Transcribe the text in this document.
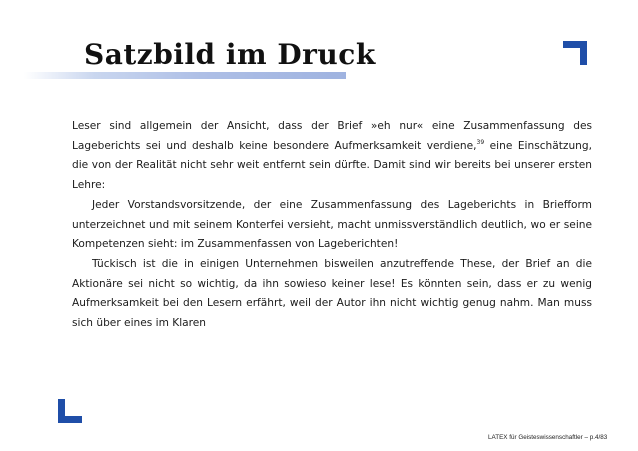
Satzbild im Druck

Leser sind allgemein der Ansicht, dass der Brief »eh nur« eine Zusammenfassung des Lageberichts sei und deshalb keine besondere Aufmerksamkeit verdiene,$^{39}$ eine Einschätzung, die von der Realität nicht sehr weit entfernt sein dürfte. Damit sind wir bereits bei unserer ersten Lehre:

Jeder Vorstandsvorsitzende, der eine Zusammenfassung des Lageberichts in Briefform unterzeichnet und mit seinem Konterfei versieht, macht unmissverständlich deutlich, wo er seine Kompetenzen sieht: im Zusammenfassen von Lageberichten!

Tückisch ist die in einigen Unternehmen bisweilen anzutreffende These, der Brief an die Aktionäre sei nicht so wichtig, da ihn sowieso keiner lese! Es könnten sein, dass er zu wenig Aufmerksamkeit bei den Lesern erfährt, weil der Autor ihn nicht wichtig genug nahm. Man muss sich über eines im Klaren

LATEX für Geisteswissenschaftler – p.4/83
